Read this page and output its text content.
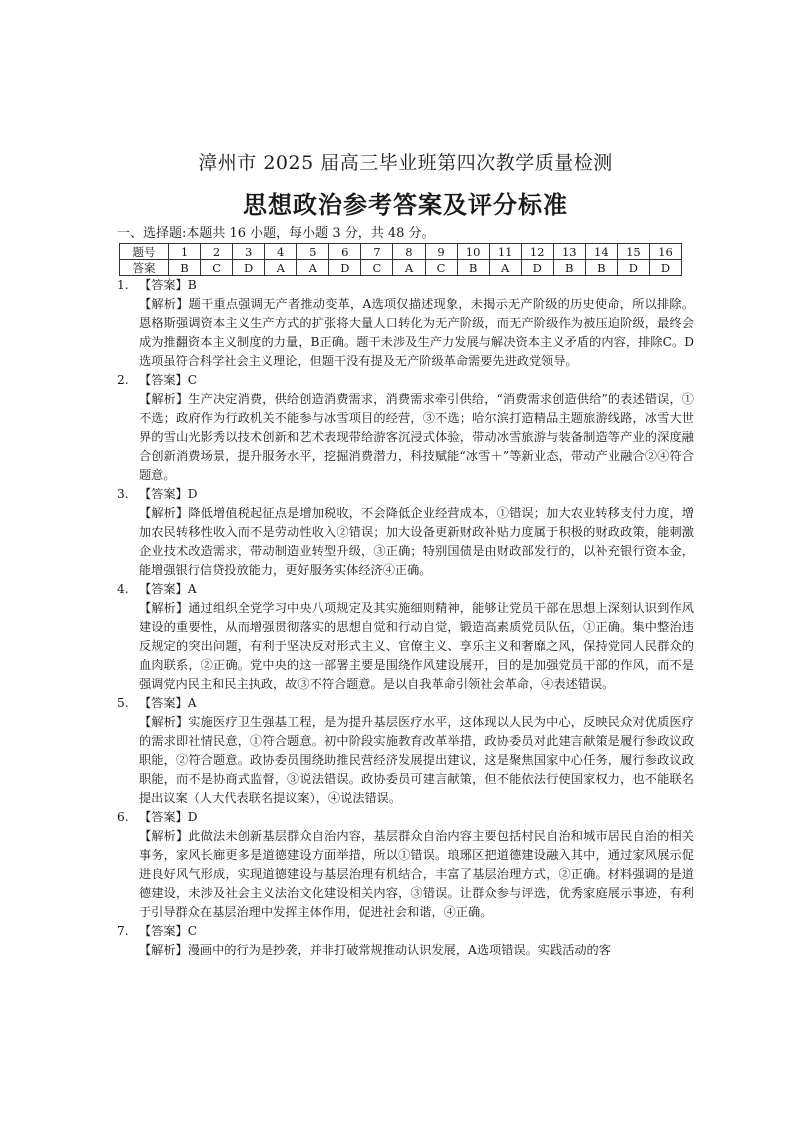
漳州市 2025 届高三毕业班第四次教学质量检测
思想政治参考答案及评分标准

一、选择题:本题共 16 小题，每小题 3 分，共 48 分。

题号	1	2	3	4	5	6	7	8	9	10	11	12	13	14	15	16
答案	B	C	D	A	A	D	C	A	C	B	A	D	B	B	D	D
1. 【答案】B
【解析】题干重点强调无产者推动变革，A选项仅描述现象，未揭示无产阶级的历史使命，所以排除。恩格斯强调资本主义生产方式的扩张将大量人口转化为无产阶级，而无产阶级作为被压迫阶级，最终会成为推翻资本主义制度的力量，B正确。题干未涉及生产力发展与解决资本主义矛盾的内容，排除C。D选项虽符合科学社会主义理论，但题干没有提及无产阶级革命需要先进政党领导。
2. 【答案】C
【解析】生产决定消费，供给创造消费需求，消费需求牵引供给，“消费需求创造供给”的表述错误，①不选；政府作为行政机关不能参与冰雪项目的经营，③不选；哈尔滨打造精品主题旅游线路，冰雪大世界的雪山光影秀以技术创新和艺术表现带给游客沉浸式体验，带动冰雪旅游与装备制造等产业的深度融合创新消费场景，提升服务水平，挖掘消费潜力，科技赋能“冰雪＋”等新业态，带动产业融合②④符合题意。
3. 【答案】D
【解析】降低增值税起征点是增加税收，不会降低企业经营成本，①错误；加大农业转移支付力度，增加农民转移性收入而不是劳动性收入②错误；加大设备更新财政补贴力度属于积极的财政政策，能刺激企业技术改造需求，带动制造业转型升级，③正确；特别国债是由财政部发行的，以补充银行资本金，能增强银行信贷投放能力，更好服务实体经济④正确。
4. 【答案】A
【解析】通过组织全党学习中央八项规定及其实施细则精神，能够让党员干部在思想上深刻认识到作风建设的重要性，从而增强贯彻落实的思想自觉和行动自觉，锻造高素质党员队伍，①正确。集中整治违反规定的突出问题，有利于坚决反对形式主义、官僚主义、享乐主义和奢靡之风，保持党同人民群众的血肉联系，②正确。党中央的这一部署主要是围绕作风建设展开，目的是加强党员干部的作风，而不是强调党内民主和民主执政，故③不符合题意。是以自我革命引领社会革命，④表述错误。
5. 【答案】A
【解析】实施医疗卫生强基工程，是为提升基层医疗水平，这体现以人民为中心，反映民众对优质医疗的需求即社情民意，①符合题意。初中阶段实施教育改革举措，政协委员对此建言献策是履行参政议政职能，②符合题意。政协委员围绕助推民营经济发展提出建议，这是聚焦国家中心任务，履行参政议政职能，而不是协商式监督，③说法错误。政协委员可建言献策，但不能依法行使国家权力，也不能联名提出议案（人大代表联名提议案），④说法错误。
6. 【答案】D
【解析】此做法未创新基层群众自治内容，基层群众自治内容主要包括村民自治和城市居民自治的相关事务，家风长廊更多是道德建设方面举措，所以①错误。琅琊区把道德建设融入其中，通过家风展示促进良好风气形成，实现道德建设与基层治理有机结合，丰富了基层治理方式，②正确。材料强调的是道德建设，未涉及社会主义法治文化建设相关内容，③错误。让群众参与评选，优秀家庭展示事迹，有利于引导群众在基层治理中发挥主体作用，促进社会和谐，④正确。
7. 【答案】C
【解析】漫画中的行为是抄袭，并非打破常规推动认识发展，A选项错误。实践活动的客
